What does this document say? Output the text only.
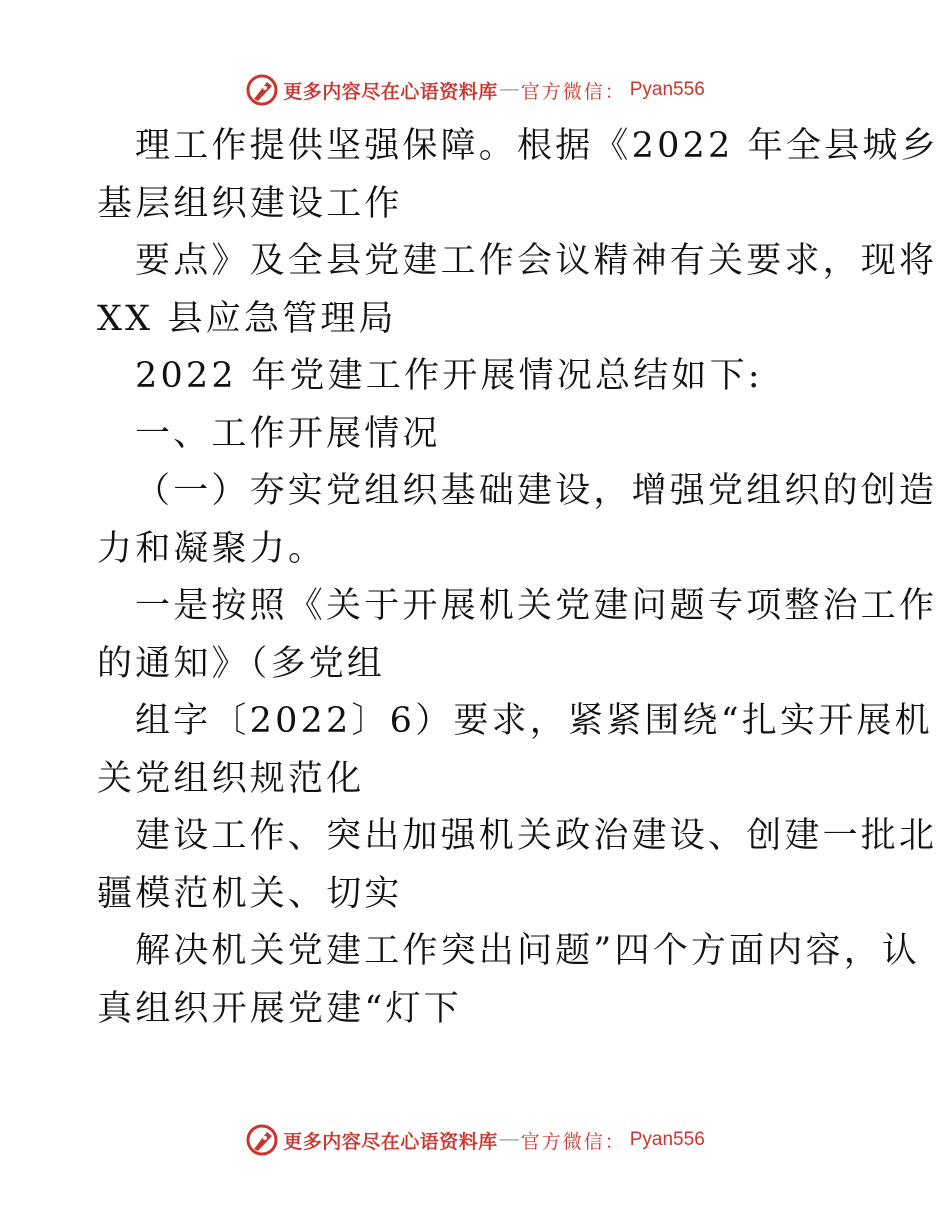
更多内容尽在心语资料库 — 官方微信： Pyan556
理工作提供坚强保障。根据《2022 年全县城乡
基层组织建设工作
要点》及全县党建工作会议精神有关要求，现将
XX 县应急管理局
2022 年党建工作开展情况总结如下:
一、工作开展情况
（一）夯实党组织基础建设，增强党组织的创造
力和凝聚力。
一是按照《关于开展机关党建问题专项整治工作
的通知》（多党组
组字〔2022〕6）要求，紧紧围绕“扎实开展机
关党组织规范化
建设工作、突出加强机关政治建设、创建一批北
疆模范机关、切实
解决机关党建工作突出问题”四个方面内容，认
真组织开展党建“灯下
更多内容尽在心语资料库 — 官方微信： Pyan556
